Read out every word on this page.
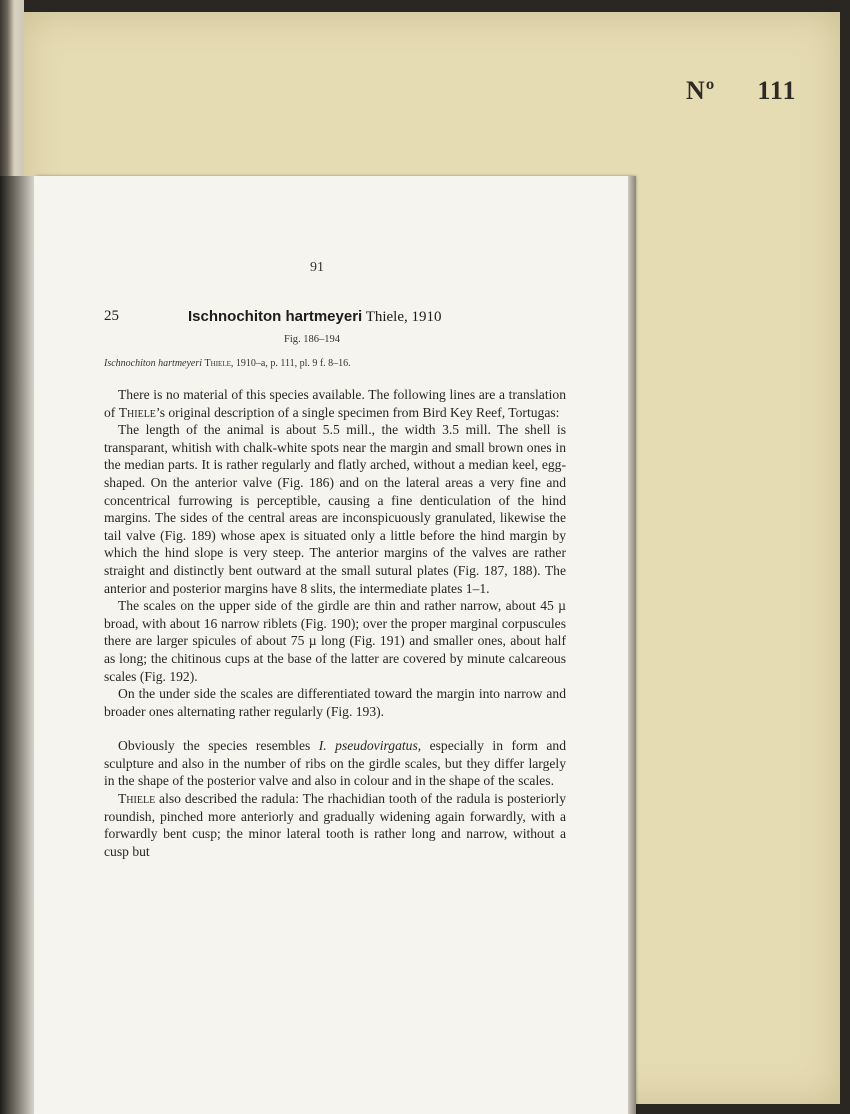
Nº 111
91
25	Ischnochiton hartmeyeri Thiele, 1910
Fig. 186–194
Ischnochiton hartmeyeri Thiele, 1910–a, p. 111, pl. 9 f. 8–16.

There is no material of this species available. The following lines are a translation of Thiele’s original description of a single specimen from Bird Key Reef, Tortugas:

The length of the animal is about 5.5 mill., the width 3.5 mill. The shell is transparant, whitish with chalk-white spots near the margin and small brown ones in the median parts. It is rather regularly and flatly arched, without a median keel, egg-shaped. On the anterior valve (Fig. 186) and on the lateral areas a very fine and concentrical furrowing is perceptible, causing a fine denticulation of the hind margins. The sides of the central areas are inconspicuously granulated, likewise the tail valve (Fig. 189) whose apex is situated only a little before the hind margin by which the hind slope is very steep. The anterior margins of the valves are rather straight and distinctly bent outward at the small sutural plates (Fig. 187, 188). The anterior and posterior margins have 8 slits, the intermediate plates 1–1.

The scales on the upper side of the girdle are thin and rather narrow, about 45 µ broad, with about 16 narrow riblets (Fig. 190); over the proper marginal corpuscules there are larger spicules of about 75 µ long (Fig. 191) and smaller ones, about half as long; the chitinous cups at the base of the latter are covered by minute calcareous scales (Fig. 192).

On the under side the scales are differentiated toward the margin into narrow and broader ones alternating rather regularly (Fig. 193).

Obviously the species resembles I. pseudovirgatus, especially in form and sculpture and also in the number of ribs on the girdle scales, but they differ largely in the shape of the posterior valve and also in colour and in the shape of the scales.

Thiele also described the radula: The rhachidian tooth of the radula is posteriorly roundish, pinched more anteriorly and gradually widening again forwardly, with a forwardly bent cusp; the minor lateral tooth is rather long and narrow, without a cusp but
